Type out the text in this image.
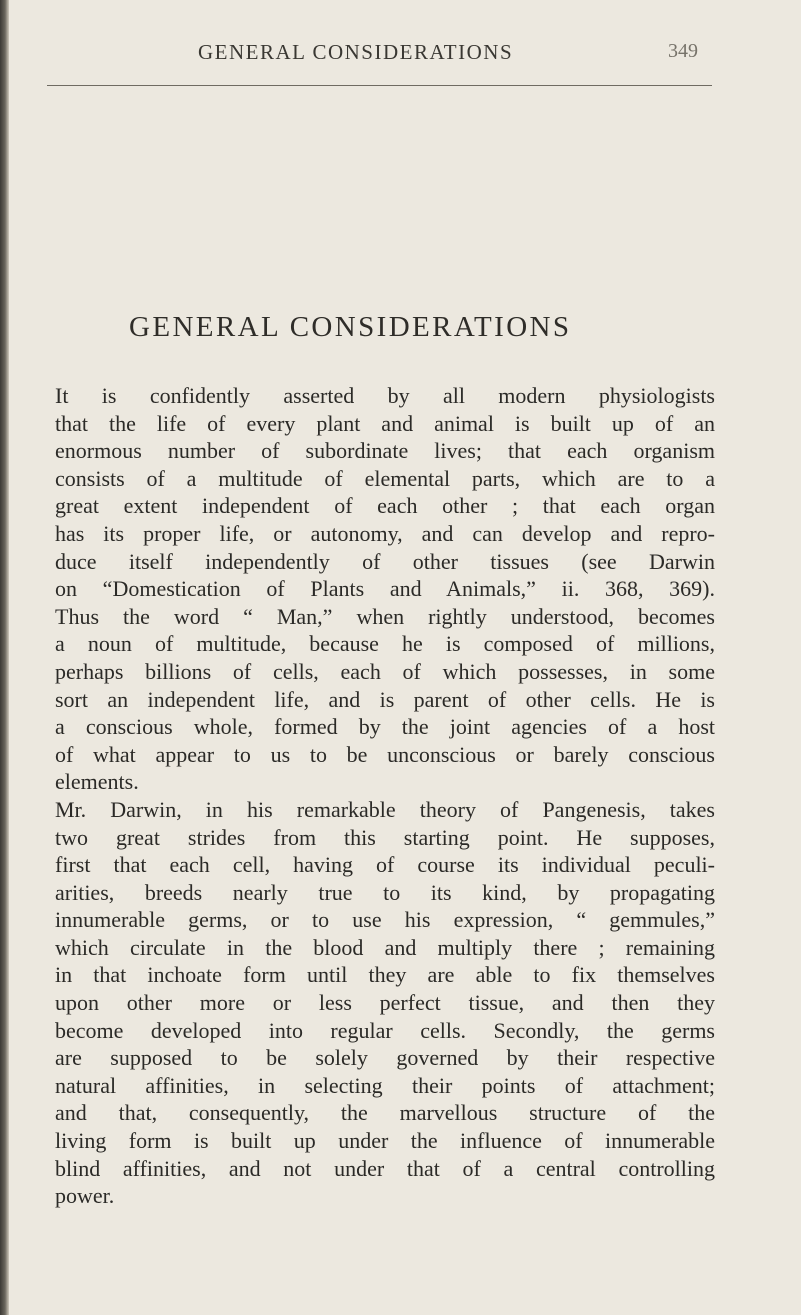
GENERAL CONSIDERATIONS	349
GENERAL CONSIDERATIONS
It is confidently asserted by all modern physiologists
that the life of every plant and animal is built up of an
enormous number of subordinate lives; that each organism
consists of a multitude of elemental parts, which are to a
great extent independent of each other ; that each organ
has its proper life, or autonomy, and can develop and repro-
duce itself independently of other tissues (see Darwin
on “Domestication of Plants and Animals,” ii. 368, 369).
Thus the word “ Man,” when rightly understood, becomes
a noun of multitude, because he is composed of millions,
perhaps billions of cells, each of which possesses, in some
sort an independent life, and is parent of other cells. He is
a conscious whole, formed by the joint agencies of a host
of what appear to us to be unconscious or barely conscious
elements.
Mr. Darwin, in his remarkable theory of Pangenesis, takes
two great strides from this starting point. He supposes,
first that each cell, having of course its individual peculi-
arities, breeds nearly true to its kind, by propagating
innumerable germs, or to use his expression, “ gemmules,”
which circulate in the blood and multiply there ; remaining
in that inchoate form until they are able to fix themselves
upon other more or less perfect tissue, and then they
become developed into regular cells. Secondly, the germs
are supposed to be solely governed by their respective
natural affinities, in selecting their points of attachment;
and that, consequently, the marvellous structure of the
living form is built up under the influence of innumerable
blind affinities, and not under that of a central controlling
power.
